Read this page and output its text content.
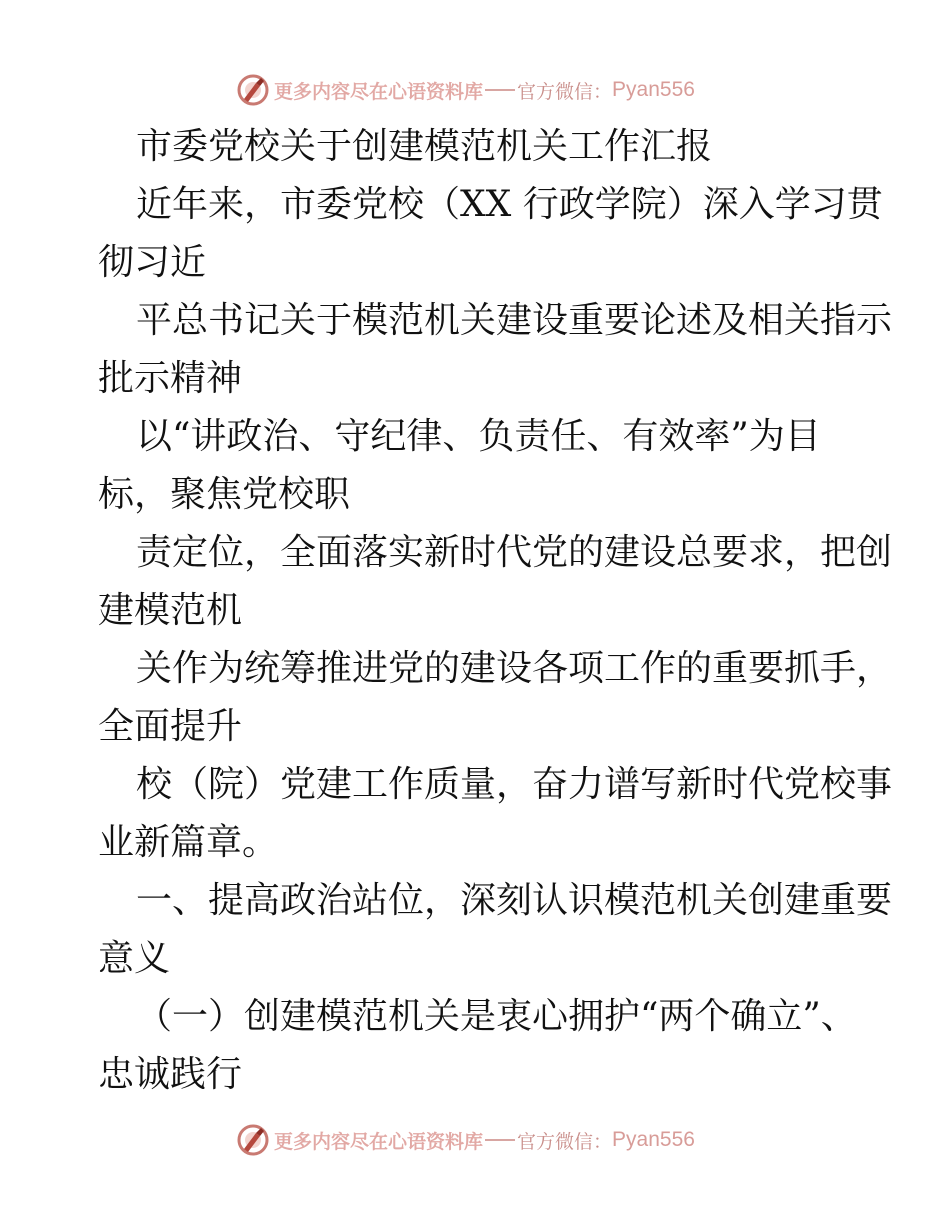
更多内容尽在心语资料库 官方微信： Pyan556
市委党校关于创建模范机关工作汇报
近年来，市委党校（XX 行政学院）深入学习贯
彻习近
平总书记关于模范机关建设重要论述及相关指示
批示精神
以“讲政治、守纪律、负责任、有效率”为目
标，聚焦党校职
责定位，全面落实新时代党的建设总要求，把创
建模范机
关作为统筹推进党的建设各项工作的重要抓手，
全面提升
校（院）党建工作质量，奋力谱写新时代党校事
业新篇章。
一、提高政治站位，深刻认识模范机关创建重要
意义
（一）创建模范机关是衷心拥护“两个确立”、
忠诚践行
更多内容尽在心语资料库 官方微信： Pyan556
